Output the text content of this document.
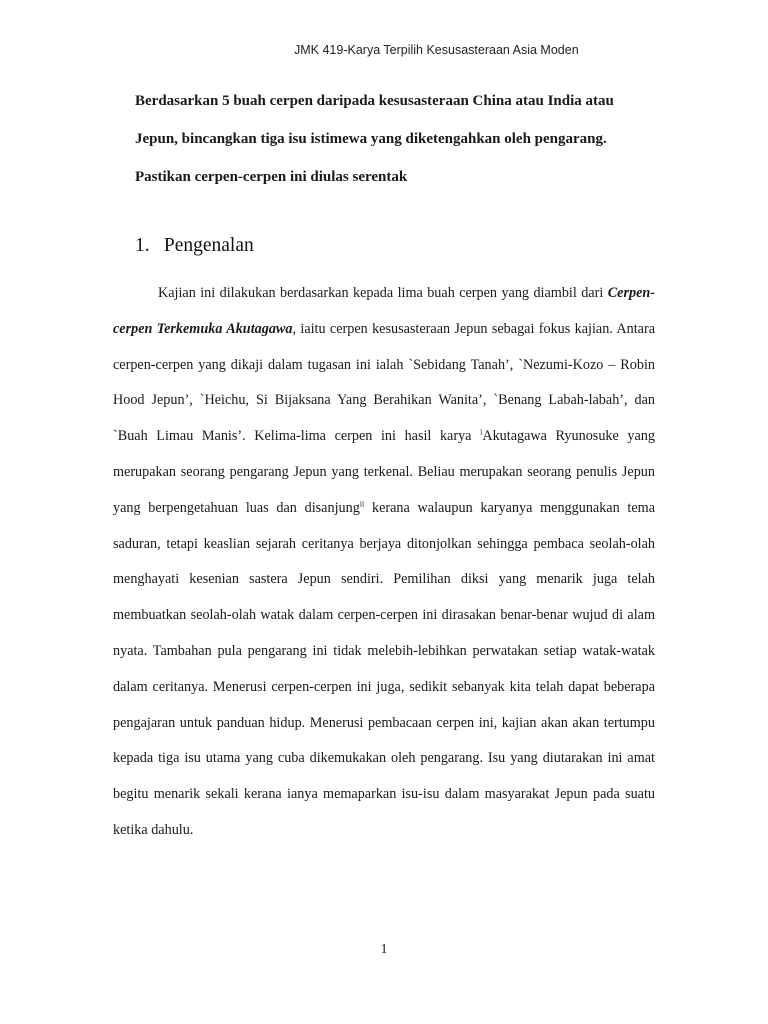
JMK 419-Karya Terpilih Kesusasteraan Asia Moden
Berdasarkan 5 buah cerpen daripada kesusasteraan China atau India atau
Jepun, bincangkan tiga isu istimewa yang diketengahkan oleh pengarang.
Pastikan cerpen-cerpen ini diulas serentak
1. Pengenalan

Kajian ini dilakukan berdasarkan kepada lima buah cerpen yang diambil dari Cerpen-cerpen Terkemuka Akutagawa, iaitu cerpen kesusasteraan Jepun sebagai fokus kajian. Antara cerpen-cerpen yang dikaji dalam tugasan ini ialah `Sebidang Tanah’, `Nezumi-Kozo – Robin Hood Jepun’, `Heichu, Si Bijaksana Yang Berahikan Wanita’, `Benang Labah-labah’, dan `Buah Limau Manis’. Kelima-lima cerpen ini hasil karya $^i$Akutagawa Ryunosuke yang merupakan seorang pengarang Jepun yang terkenal. Beliau merupakan seorang penulis Jepun yang berpengetahuan luas dan disanjung$^{ii}$ kerana walaupun karyanya menggunakan tema saduran, tetapi keaslian sejarah ceritanya berjaya ditonjolkan sehingga pembaca seolah-olah menghayati kesenian sastera Jepun sendiri. Pemilihan diksi yang menarik juga telah membuatkan seolah-olah watak dalam cerpen-cerpen ini dirasakan benar-benar wujud di alam nyata. Tambahan pula pengarang ini tidak melebih-lebihkan perwatakan setiap watak-watak dalam ceritanya. Menerusi cerpen-cerpen ini juga, sedikit sebanyak kita telah dapat beberapa pengajaran untuk panduan hidup. Menerusi pembacaan cerpen ini, kajian akan akan tertumpu kepada tiga isu utama yang cuba dikemukakan oleh pengarang. Isu yang diutarakan ini amat begitu menarik sekali kerana ianya memaparkan isu-isu dalam masyarakat Jepun pada suatu ketika dahulu.

1
